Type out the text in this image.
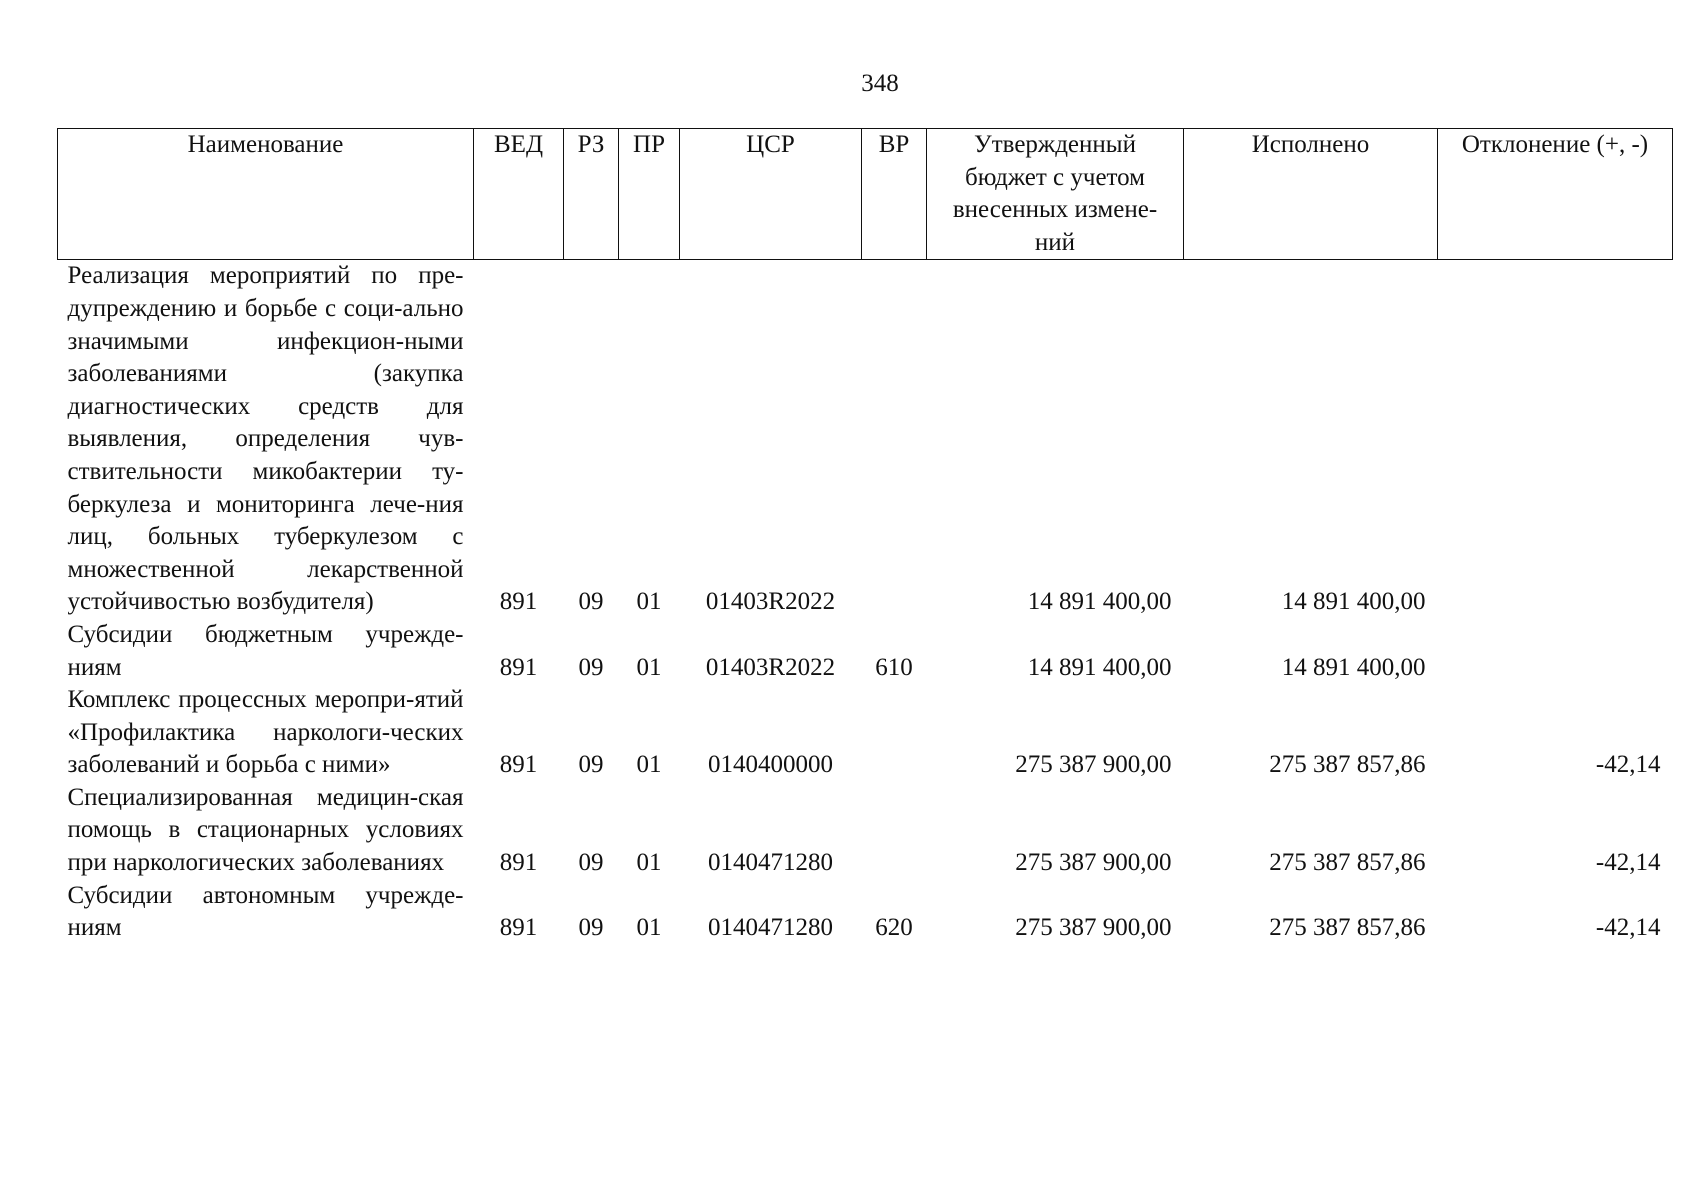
348
Наименование	ВЕД	РЗ	ПР	ЦСР	ВР	Утвержденный бюджет с учетом внесенных измене-ний	Исполнено	Отклонение (+, -)
Реализация мероприятий по пре-дупреждению и борьбе с соци-ально значимыми инфекцион-ными заболеваниями (закупка диагностических средств для выявления, определения чув-ствительности микобактерии ту-беркулеза и мониторинга лече-ния лиц, больных туберкулезом с множественной лекарственной устойчивостью возбудителя)	891	09	01	01403R2022		14 891 400,00	14 891 400,00	
Субсидии бюджетным учрежде-ниям	891	09	01	01403R2022	610	14 891 400,00	14 891 400,00	
Комплекс процессных меропри-ятий «Профилактика наркологи-ческих заболеваний и борьба с ними»	891	09	01	0140400000		275 387 900,00	275 387 857,86	-42,14
Специализированная медицин-ская помощь в стационарных условиях при наркологических заболеваниях	891	09	01	0140471280		275 387 900,00	275 387 857,86	-42,14
Субсидии автономным учрежде-ниям	891	09	01	0140471280	620	275 387 900,00	275 387 857,86	-42,14
